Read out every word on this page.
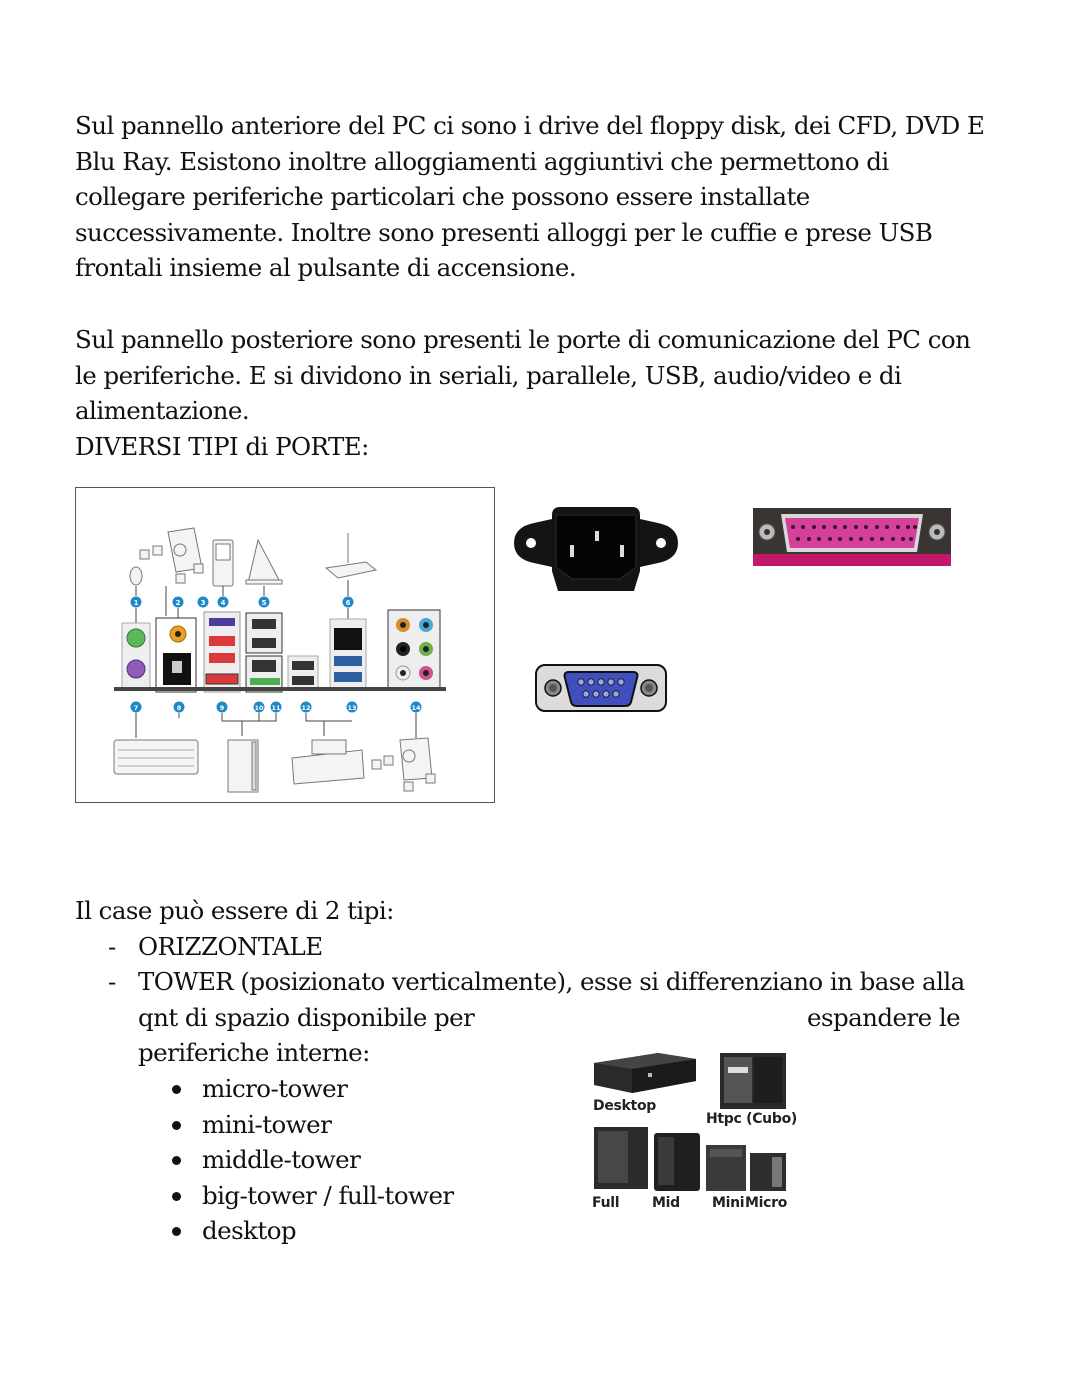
Sul pannello anteriore del PC ci sono i drive del floppy disk, dei CFD, DVD E
Blu Ray. Esistono inoltre alloggiamenti aggiuntivi che permettono di
collegare periferiche particolari che possono essere installate
successivamente. Inoltre sono presenti alloggi per le cuffie e prese USB
frontali insieme al pulsante di accensione.
Sul pannello posteriore sono presenti le porte di comunicazione del PC con
le periferiche. E si dividono in seriali, parallele, USB, audio/video e di
alimentazione.
DIVERSI TIPI di PORTE:
1	2	3 4	5	6
7	8	9	10 11	12	13	14
Il case può essere di 2 tipi:
- ORIZZONTALE
- TOWER (posizionato verticalmente), esse si differenziano in base alla
qnt di spazio disponibile per	espandere le
periferiche interne:
micro-tower
mini-tower
middle-tower
big-tower / full-tower
desktop
Desktop
Htpc (Cubo)
Full Mid Mini Micro
